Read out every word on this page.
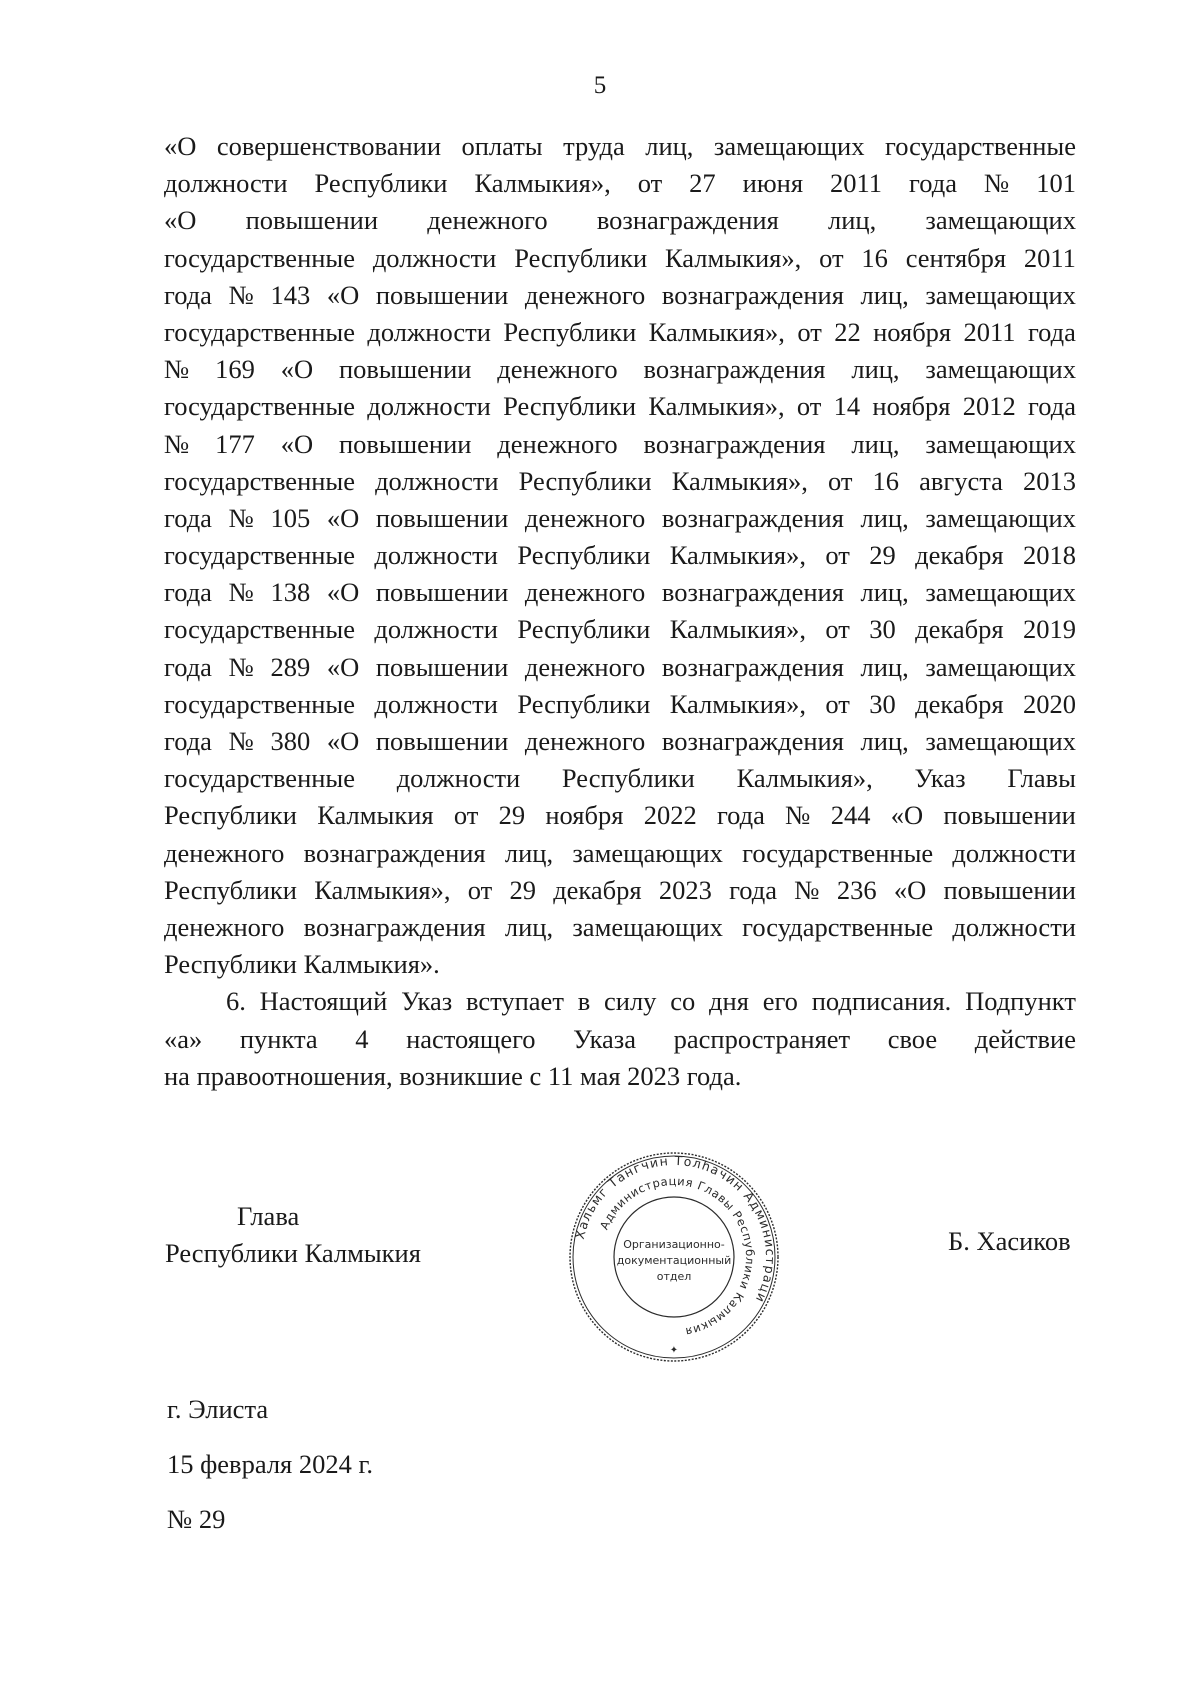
5
«О совершенствовании оплаты труда лиц, замещающих государственные
должности Республики Калмыкия», от 27 июня 2011 года № 101
«О повышении денежного вознаграждения лиц, замещающих
государственные должности Республики Калмыкия», от 16 сентября 2011
года № 143 «О повышении денежного вознаграждения лиц, замещающих
государственные должности Республики Калмыкия», от 22 ноября 2011 года
№ 169 «О повышении денежного вознаграждения лиц, замещающих
государственные должности Республики Калмыкия», от 14 ноября 2012 года
№ 177 «О повышении денежного вознаграждения лиц, замещающих
государственные должности Республики Калмыкия», от 16 августа 2013
года № 105 «О повышении денежного вознаграждения лиц, замещающих
государственные должности Республики Калмыкия», от 29 декабря 2018
года № 138 «О повышении денежного вознаграждения лиц, замещающих
государственные должности Республики Калмыкия», от 30 декабря 2019
года № 289 «О повышении денежного вознаграждения лиц, замещающих
государственные должности Республики Калмыкия», от 30 декабря 2020
года № 380 «О повышении денежного вознаграждения лиц, замещающих
государственные должности Республики Калмыкия», Указ Главы
Республики Калмыкия от 29 ноября 2022 года № 244 «О повышении
денежного вознаграждения лиц, замещающих государственные должности
Республики Калмыкия», от 29 декабря 2023 года № 236 «О повышении
денежного вознаграждения лиц, замещающих государственные должности
Республики Калмыкия».
6. Настоящий Указ вступает в силу со дня его подписания. Подпункт
«а» пункта 4 настоящего Указа распространяет свое действие
на правоотношения, возникшие с 11 мая 2023 года.
Глава
Республики Калмыкия
Хальмг Тангчин Толhачин Администраци
Администрация Главы Республики Калмыкия
Организационно-
документационный
отдел
✦
Б. Хасиков
г. Элиста
15 февраля 2024 г.
№ 29
